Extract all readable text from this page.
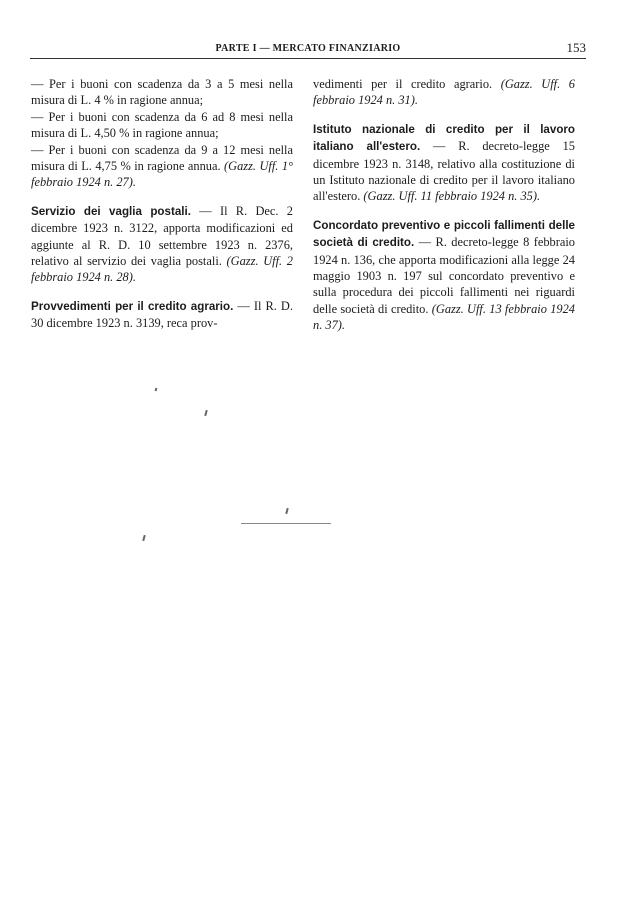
PARTE I — MERCATO FINANZIARIO	153

— Per i buoni con scadenza da 3 a 5 mesi nella misura di L. 4 % in ragione annua;
— Per i buoni con scadenza da 6 ad 8 mesi nella misura di L. 4,50 % in ragione annua;
— Per i buoni con scadenza da 9 a 12 mesi nella misura di L. 4,75 % in ragione annua. (Gazz. Uff. 1° febbraio 1924 n. 27).

Servizio dei vaglia postali. — Il R. Dec. 2 dicembre 1923 n. 3122, apporta modificazioni ed aggiunte al R. D. 10 settembre 1923 n. 2376, relativo al servizio dei vaglia postali. (Gazz. Uff. 2 febbraio 1924 n. 28).

Provvedimenti per il credito agrario. — Il R. D. 30 dicembre 1923 n. 3139, reca prov-

vedimenti per il credito agrario. (Gazz. Uff. 6 febbraio 1924 n. 31).

Istituto nazionale di credito per il lavoro italiano all'estero. — R. decreto-legge 15 dicembre 1923 n. 3148, relativo alla costituzione di un Istituto nazionale di credito per il lavoro italiano all'estero. (Gazz. Uff. 11 febbraio 1924 n. 35).

Concordato preventivo e piccoli fallimenti delle società di credito. — R. decreto-legge 8 febbraio 1924 n. 136, che apporta modificazioni alla legge 24 maggio 1903 n. 197 sul concordato preventivo e sulla procedura dei piccoli fallimenti nei riguardi delle società di credito. (Gazz. Uff. 13 febbraio 1924 n. 37).
